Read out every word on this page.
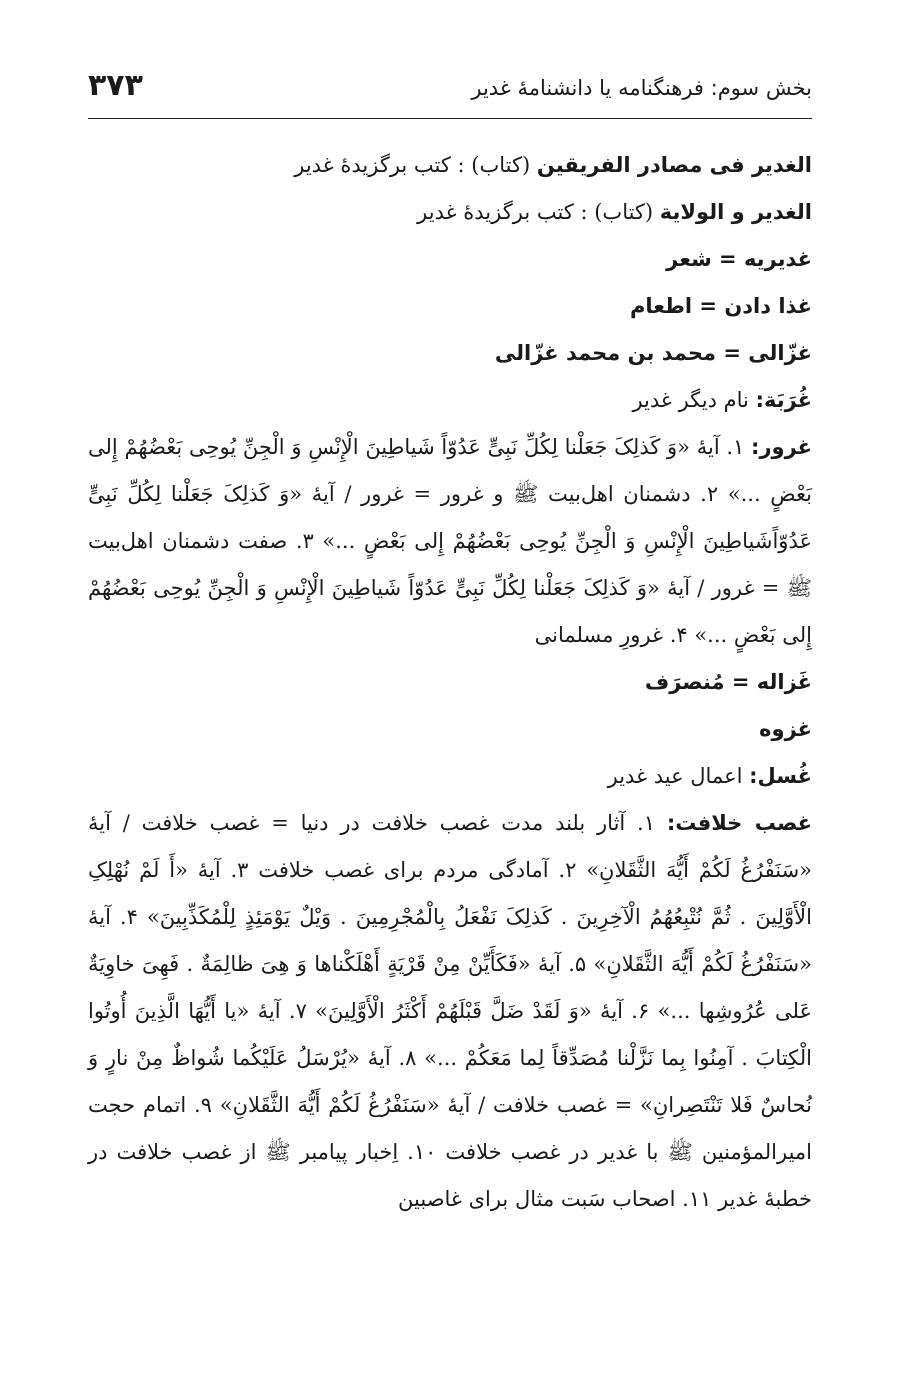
بخش سوم: فرهنگنامه یا دانشنامهٔ غدیر
۳۷۳

الغدیر فی مصادر الفریقین (کتاب) : کتب برگزیدهٔ غدیر

الغدیر و الولایة (کتاب) : کتب برگزیدهٔ غدیر

غدیریه = شعر

غذا دادن = اطعام

غزّالی = محمد بن محمد غزّالی

غُرَبَة: نام دیگر غدیر

غرور: ۱. آیهٔ «وَ کَذلِکَ جَعَلْنا لِکُلِّ نَبِیٍّ عَدُوّاً شَیاطِینَ الْإِنْسِ وَ الْجِنِّ یُوحِی بَعْضُهُمْ إِلی بَعْضٍ ...» ۲. دشمنان اهل‌بیت ﷺ و غرور = غرور / آیهٔ «وَ کَذلِکَ جَعَلْنا لِکُلِّ نَبِیٍّ عَدُوّاًشَیاطِینَ الْإِنْسِ وَ الْجِنِّ یُوحِی بَعْضُهُمْ إِلی بَعْضٍ ...» ۳. صفت دشمنان اهل‌بیت ﷺ = غرور / آیهٔ «وَ کَذلِکَ جَعَلْنا لِکُلِّ نَبِیٍّ عَدُوّاً شَیاطِینَ الْإِنْسِ وَ الْجِنِّ یُوحِی بَعْضُهُمْ إِلی بَعْضٍ ...» ۴. غرورِ مسلمانی

غَزاله = مُنصرَف

غزوه

غُسل: اعمال عید غدیر

غصب خلافت: ۱. آثار بلند مدت غصب خلافت در دنیا = غصب خلافت / آیهٔ «سَنَفْرُغُ لَکُمْ أَیُّهَ الثَّقَلانِ» ۲. آمادگی مردم برای غصب خلافت ۳. آیهٔ «أَ لَمْ نُهْلِکِ الْأَوَّلِینَ . ثُمَّ نُتْبِعُهُمُ الْآخِرِینَ . کَذلِکَ نَفْعَلُ بِالْمُجْرِمِینَ . وَیْلٌ یَوْمَئِذٍ لِلْمُکَذِّبِینَ» ۴. آیهٔ «سَنَفْرُغُ لَکُمْ أَیُّهَ الثَّقَلانِ» ۵. آیهٔ «فَکَأَیِّنْ مِنْ قَرْیَةٍ أَهْلَکْناها وَ هِیَ ظالِمَةٌ . فَهِیَ خاوِیَةٌ عَلی عُرُوشِها ...» ۶. آیهٔ «وَ لَقَدْ ضَلَّ قَبْلَهُمْ أَکْثَرُ الْأَوَّلِینَ» ۷. آیهٔ «یا أَیُّهَا الَّذِینَ أُوتُوا الْکِتابَ . آمِنُوا بِما نَزَّلْنا مُصَدِّقاً لِما مَعَکُمْ ...» ۸. آیهٔ «یُرْسَلُ عَلَیْکُما شُواظٌ مِنْ نارٍ وَ نُحاسٌ فَلا تَنْتَصِرانِ» = غصب خلافت / آیهٔ «سَنَفْرُغُ لَکُمْ أَیُّهَ الثَّقَلانِ» ۹. اتمام حجت امیرالمؤمنین ﷺ با غدیر در غصب خلافت ۱۰. اِخبار پیامبر ﷺ از غصب خلافت در خطبهٔ غدیر ۱۱. اصحاب سَبت مثال برای غاصبین
